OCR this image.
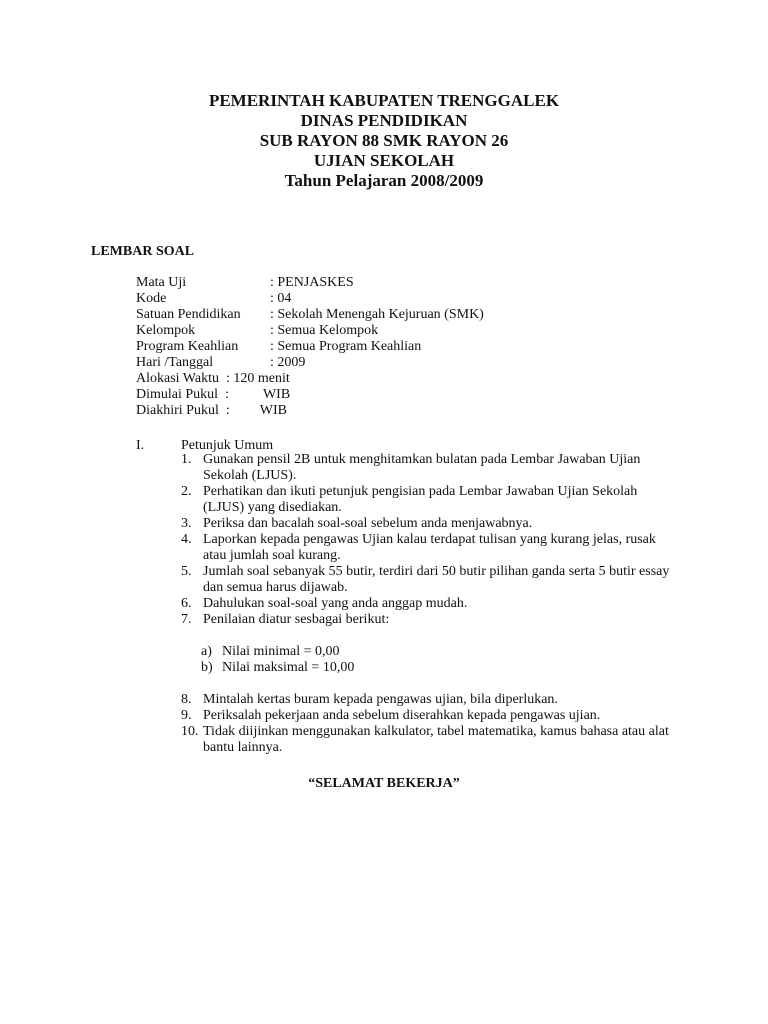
PEMERINTAH KABUPATEN TRENGGALEK
DINAS PENDIDIKAN
SUB RAYON 88 SMK RAYON 26
UJIAN SEKOLAH
Tahun Pelajaran 2008/2009
LEMBAR SOAL
Mata Uji	: PENJASKES
Kode	: 04
Satuan Pendidikan : Sekolah Menengah Kejuruan (SMK)
Kelompok	: Semua Kelompok
Program Keahlian : Semua Program Keahlian
Hari /Tanggal	: 2009
Alokasi Waktu : 120 menit
Dimulai Pukul : WIB
Diakhiri Pukul : WIB
I.	Petunjuk Umum
1. Gunakan pensil 2B untuk menghitamkan bulatan pada Lembar Jawaban Ujian Sekolah (LJUS).
2. Perhatikan dan ikuti petunjuk pengisian pada Lembar Jawaban Ujian Sekolah (LJUS) yang disediakan.
3. Periksa dan bacalah soal-soal sebelum anda menjawabnya.
4. Laporkan kepada pengawas Ujian kalau terdapat tulisan yang kurang jelas, rusak atau jumlah soal kurang.
5. Jumlah soal sebanyak 55 butir, terdiri dari 50 butir pilihan ganda serta 5 butir essay dan semua harus dijawab.
6. Dahulukan soal-soal yang anda anggap mudah.
7. Penilaian diatur sesbagai berikut:
a) Nilai minimal = 0,00
b) Nilai maksimal = 10,00
8. Mintalah kertas buram kepada pengawas ujian, bila diperlukan.
9. Periksalah pekerjaan anda sebelum diserahkan kepada pengawas ujian.
10. Tidak diijinkan menggunakan kalkulator, tabel matematika, kamus bahasa atau alat bantu lainnya.
“SELAMAT BEKERJA”
